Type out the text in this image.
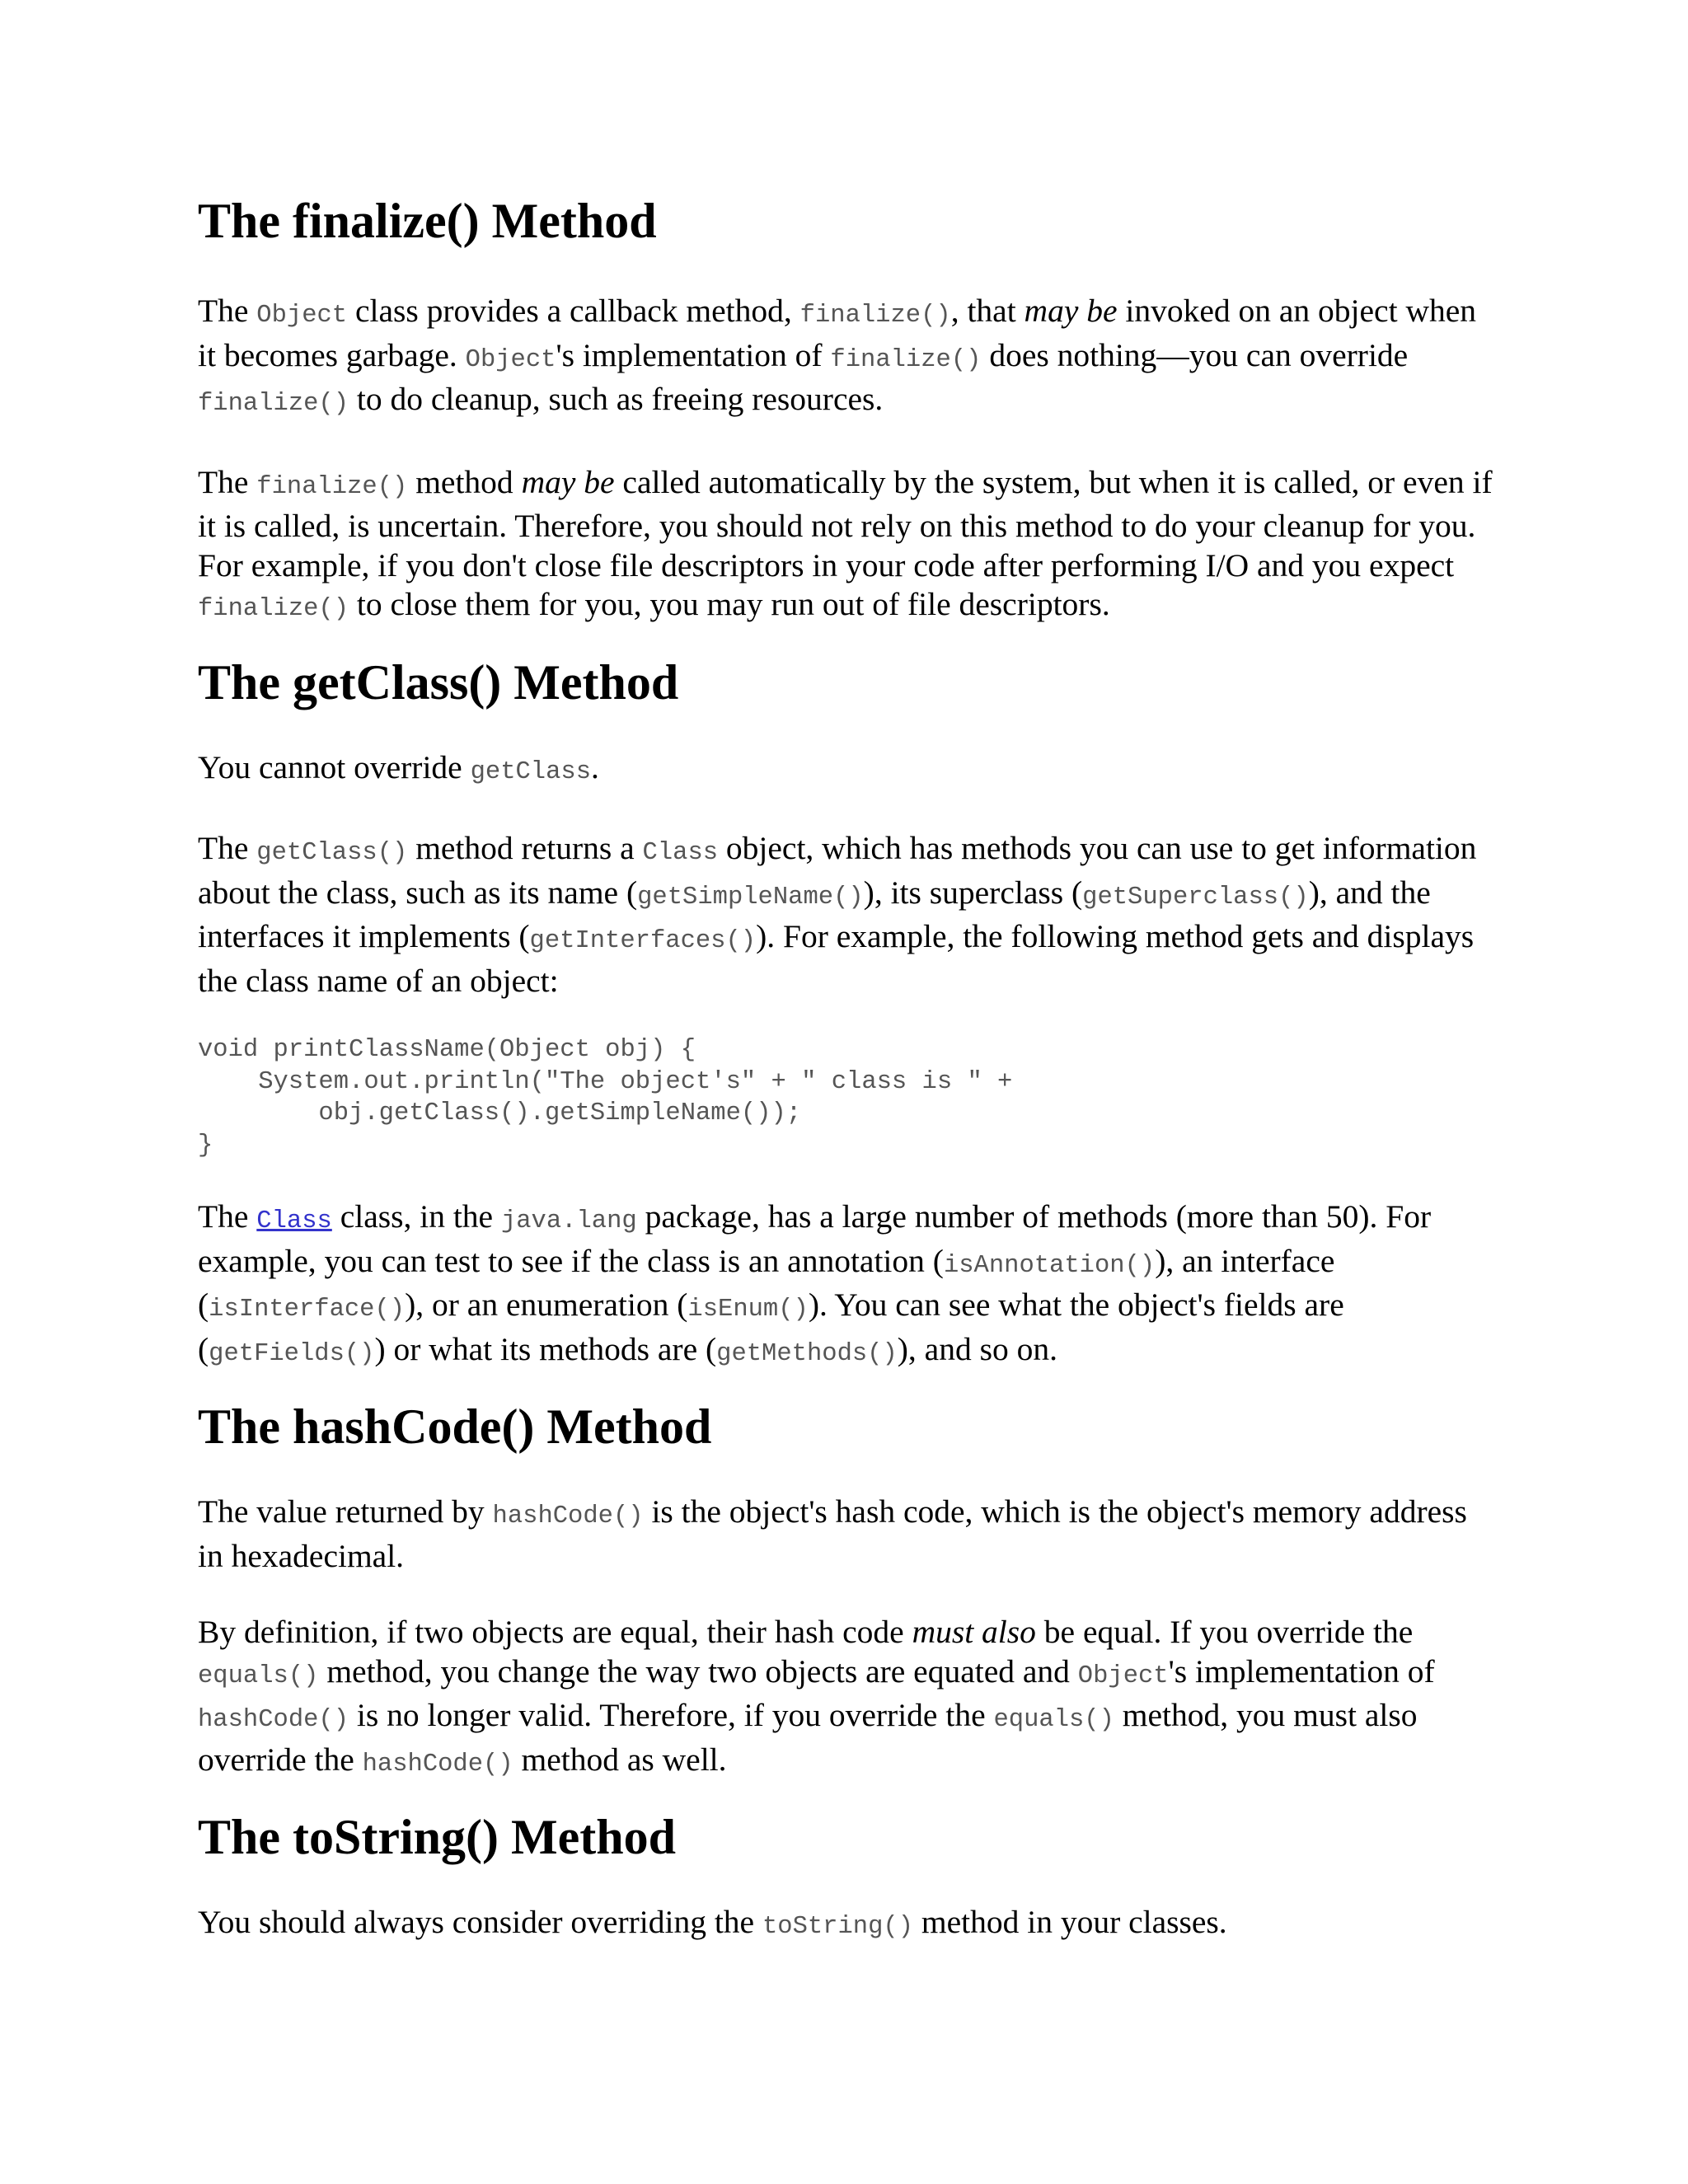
The finalize() Method

The Object class provides a callback method, finalize(), that may be invoked on an object when it becomes garbage. Object's implementation of finalize() does nothing—you can override finalize() to do cleanup, such as freeing resources.

The finalize() method may be called automatically by the system, but when it is called, or even if it is called, is uncertain. Therefore, you should not rely on this method to do your cleanup for you. For example, if you don't close file descriptors in your code after performing I/O and you expect finalize() to close them for you, you may run out of file descriptors.

The getClass() Method

You cannot override getClass.

The getClass() method returns a Class object, which has methods you can use to get information about the class, such as its name (getSimpleName()), its superclass (getSuperclass()), and the interfaces it implements (getInterfaces()). For example, the following method gets and displays the class name of an object:

void printClassName(Object obj) {
System.out.println("The object's" + " class is " +
obj.getClass().getSimpleName());
}

The Class class, in the java.lang package, has a large number of methods (more than 50). For example, you can test to see if the class is an annotation (isAnnotation()), an interface (isInterface()), or an enumeration (isEnum()). You can see what the object's fields are (getFields()) or what its methods are (getMethods()), and so on.

The hashCode() Method

The value returned by hashCode() is the object's hash code, which is the object's memory address in hexadecimal.

By definition, if two objects are equal, their hash code must also be equal. If you override the equals() method, you change the way two objects are equated and Object's implementation of hashCode() is no longer valid. Therefore, if you override the equals() method, you must also override the hashCode() method as well.

The toString() Method

You should always consider overriding the toString() method in your classes.
